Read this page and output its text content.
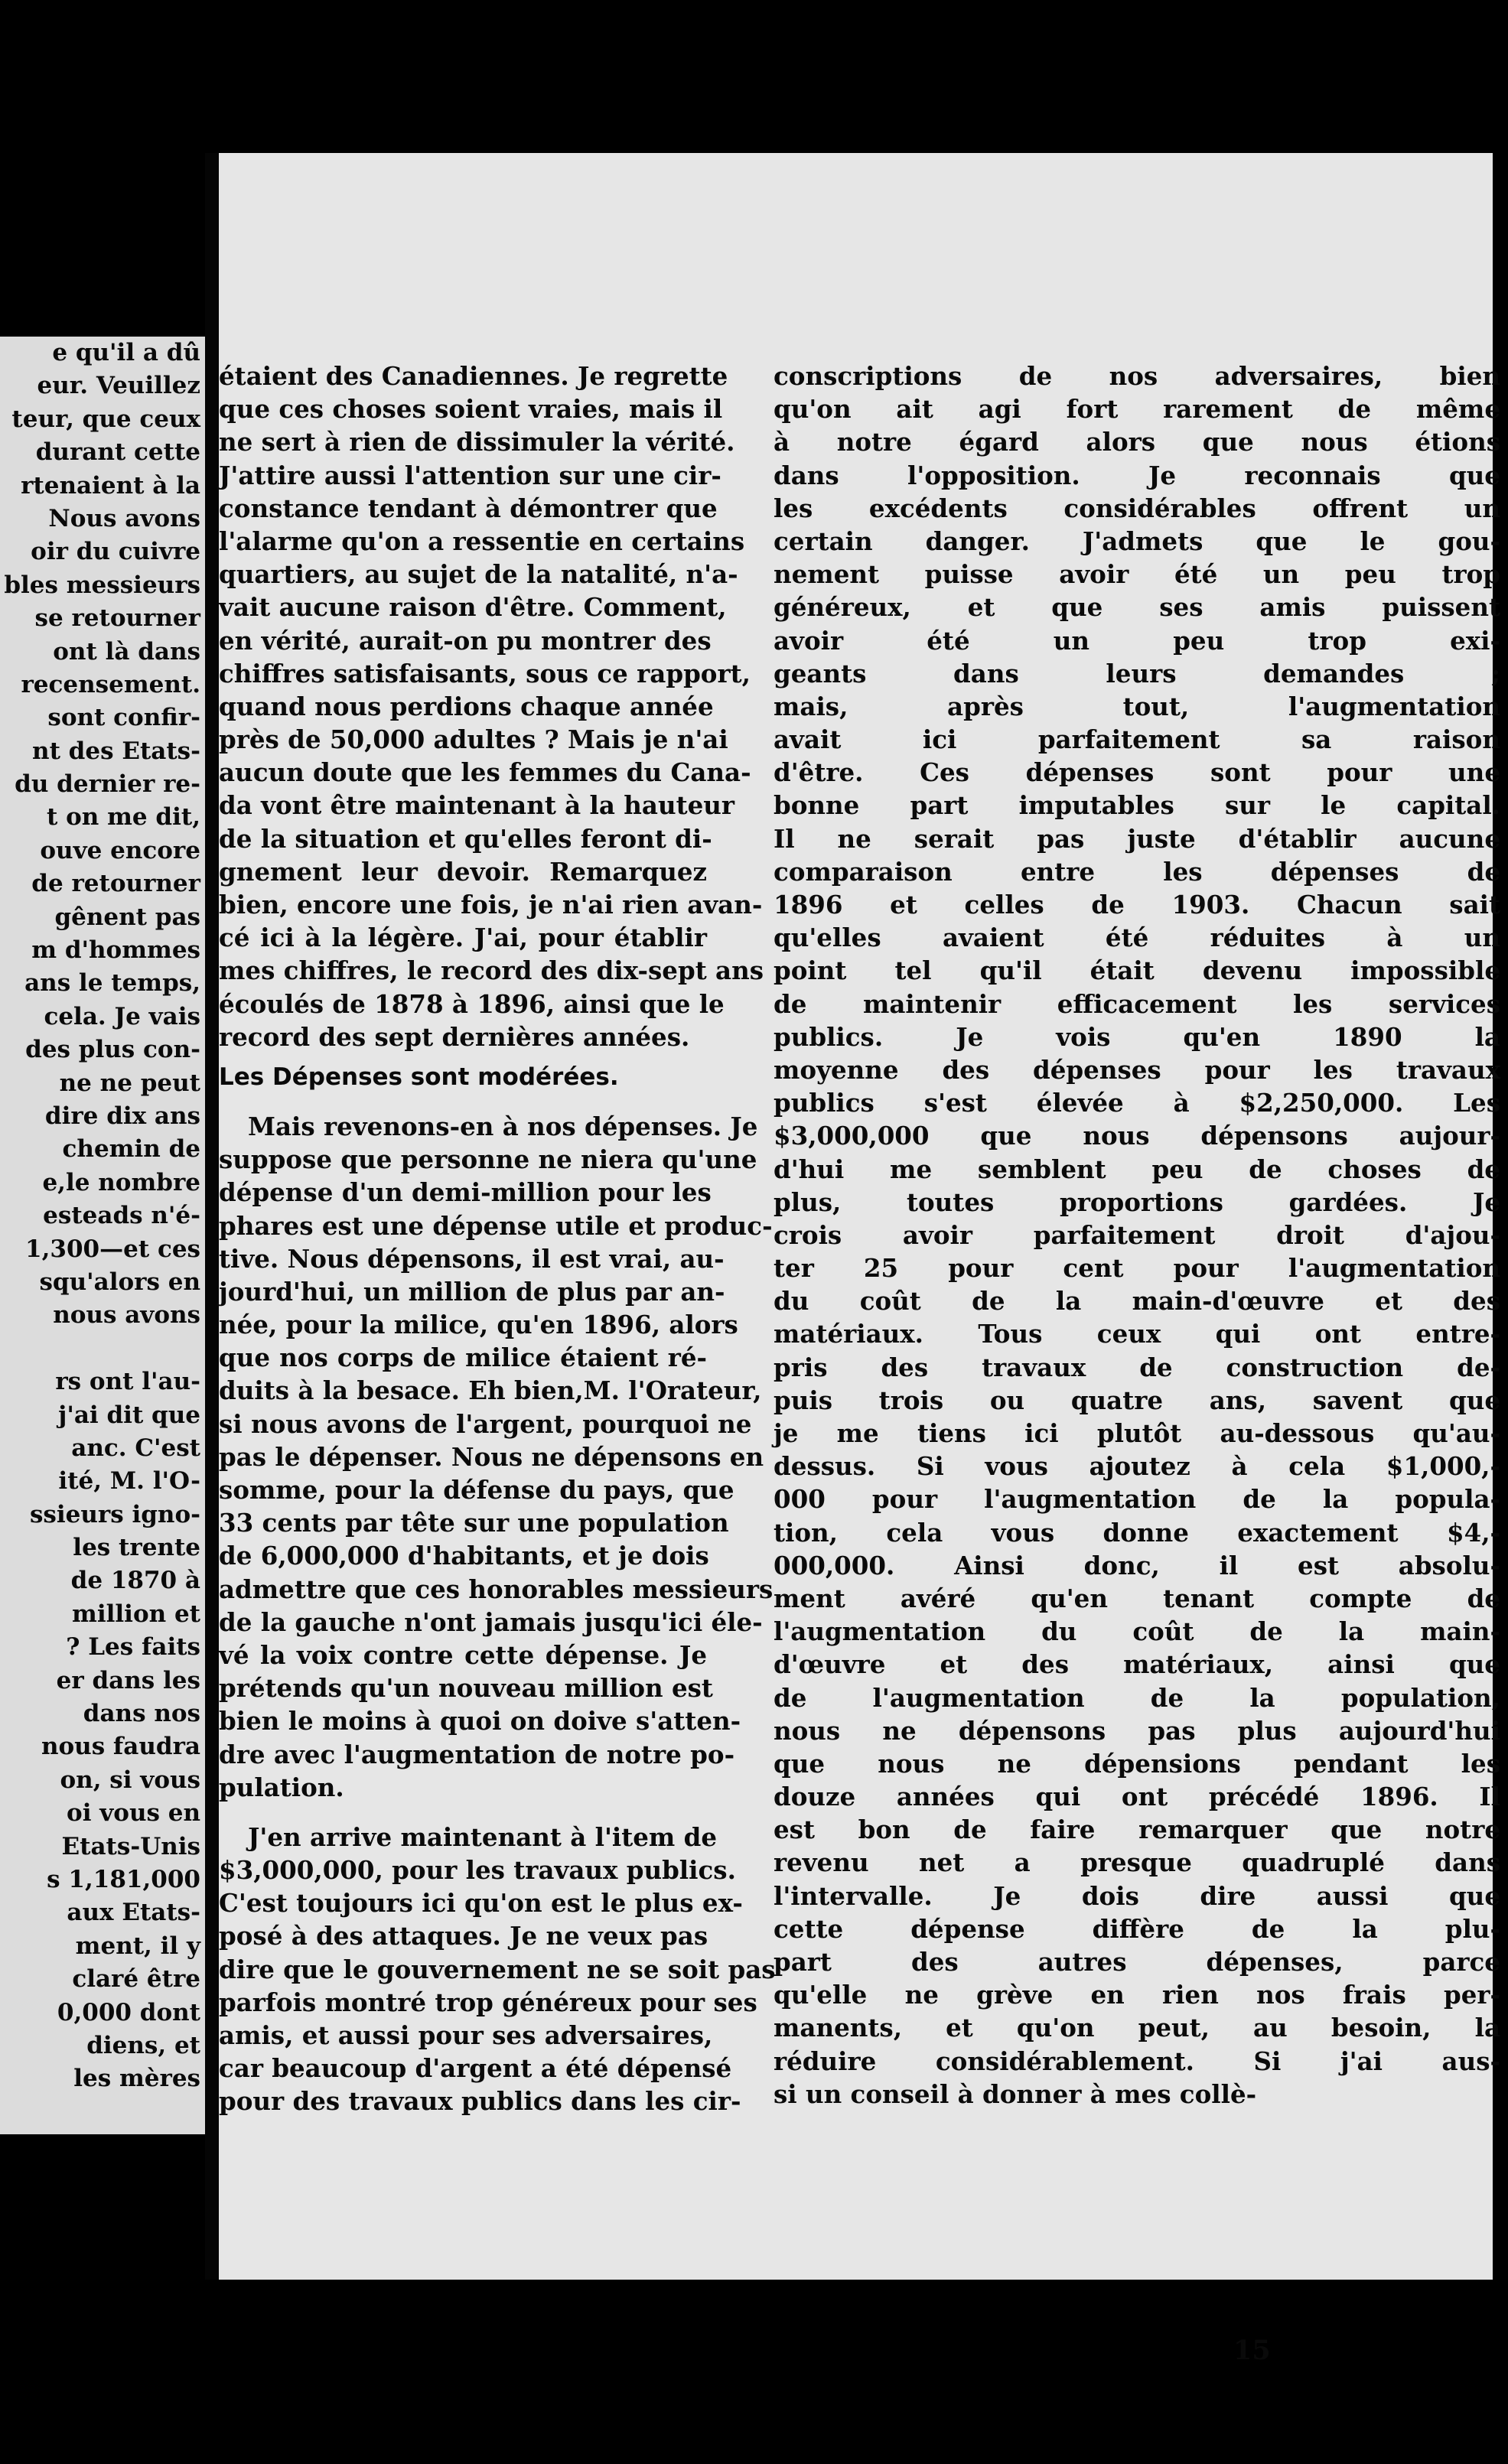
e qu'il a dû
eur. Veuillez
teur, que ceux
durant cette
rtenaient à la
Nous avons
oir du cuivre
bles messieurs
se retourner
ont là dans
recensement.
sont confir-
nt des Etats-
du dernier re-
t on me dit,
ouve encore
de retourner
gênent pas
m d'hommes
ans le temps,
cela. Je vais
des plus con-
ne ne peut
dire dix ans
chemin de
e,le nombre
esteads n'é-
1,300—et ces
squ'alors en
nous avons
rs ont l'au-
j'ai dit que
anc. C'est
ité, M. l'O-
ssieurs igno-
les trente
de 1870 à
million et
? Les faits
er dans les
dans nos
nous faudra
on, si vous
oi vous en
Etats-Unis
s 1,181,000
aux Etats-
ment, il y
claré être
0,000 dont
diens, et
les mères
étaient des Canadiennes. Je regrette
que ces choses soient vraies, mais il
ne sert à rien de dissimuler la vérité.
J'attire aussi l'attention sur une cir-
constance tendant à démontrer que
l'alarme qu'on a ressentie en certains
quartiers, au sujet de la natalité, n'a-
vait aucune raison d'être. Comment,
en vérité, aurait-on pu montrer des
chiffres satisfaisants, sous ce rapport,
quand nous perdions chaque année
près de 50,000 adultes ? Mais je n'ai
aucun doute que les femmes du Cana-
da vont être maintenant à la hauteur
de la situation et qu'elles feront di-
gnement leur devoir. Remarquez
bien, encore une fois, je n'ai rien avan-
cé ici à la légère. J'ai, pour établir
mes chiffres, le record des dix-sept ans
écoulés de 1878 à 1896, ainsi que le
record des sept dernières années.
Les Dépenses sont modérées.
Mais revenons-en à nos dépenses. Je
suppose que personne ne niera qu'une
dépense d'un demi-million pour les
phares est une dépense utile et produc-
tive. Nous dépensons, il est vrai, au-
jourd'hui, un million de plus par an-
née, pour la milice, qu'en 1896, alors
que nos corps de milice étaient ré-
duits à la besace. Eh bien,M. l'Orateur,
si nous avons de l'argent, pourquoi ne
pas le dépenser. Nous ne dépensons en
somme, pour la défense du pays, que
33 cents par tête sur une population
de 6,000,000 d'habitants, et je dois
admettre que ces honorables messieurs
de la gauche n'ont jamais jusqu'ici éle-
vé la voix contre cette dépense. Je
prétends qu'un nouveau million est
bien le moins à quoi on doive s'atten-
dre avec l'augmentation de notre po-
pulation.
J'en arrive maintenant à l'item de
$3,000,000, pour les travaux publics.
C'est toujours ici qu'on est le plus ex-
posé à des attaques. Je ne veux pas
dire que le gouvernement ne se soit pas
parfois montré trop généreux pour ses
amis, et aussi pour ses adversaires,
car beaucoup d'argent a été dépensé
pour des travaux publics dans les cir-
conscriptions de nos adversaires, bien
qu'on ait agi fort rarement de même
à notre égard alors que nous étions
dans l'opposition. Je reconnais que
les excédents considérables offrent un
certain danger. J'admets que le gou-
nement puisse avoir été un peu trop
généreux, et que ses amis puissent
avoir été un peu trop exi-
geants dans leurs demandes ;
mais, après tout, l'augmentation
avait ici parfaitement sa raison
d'être. Ces dépenses sont pour une
bonne part imputables sur le capital.
Il ne serait pas juste d'établir aucune
comparaison entre les dépenses de
1896 et celles de 1903. Chacun sait
qu'elles avaient été réduites à un
point tel qu'il était devenu impossible
de maintenir efficacement les services
publics. Je vois qu'en 1890 la
moyenne des dépenses pour les travaux
publics s'est élevée à $2,250,000. Les
$3,000,000 que nous dépensons aujour-
d'hui me semblent peu de choses de
plus, toutes proportions gardées. Je
crois avoir parfaitement droit d'ajou-
ter 25 pour cent pour l'augmentation
du coût de la main-d'œuvre et des
matériaux. Tous ceux qui ont entre-
pris des travaux de construction de-
puis trois ou quatre ans, savent que
je me tiens ici plutôt au-dessous qu'au-
dessus. Si vous ajoutez à cela $1,000,-
000 pour l'augmentation de la popula-
tion, cela vous donne exactement $4,-
000,000. Ainsi donc, il est absolu-
ment avéré qu'en tenant compte de
l'augmentation du coût de la main-
d'œuvre et des matériaux, ainsi que
de l'augmentation de la population,
nous ne dépensons pas plus aujourd'hui
que nous ne dépensions pendant les
douze années qui ont précédé 1896. Il
est bon de faire remarquer que notre
revenu net a presque quadruplé dans
l'intervalle. Je dois dire aussi que
cette dépense diffère de la plu-
part des autres dépenses, parce
qu'elle ne grève en rien nos frais per-
manents, et qu'on peut, au besoin, la
réduire considérablement. Si j'ai aus-
si un conseil à donner à mes collè-
15
